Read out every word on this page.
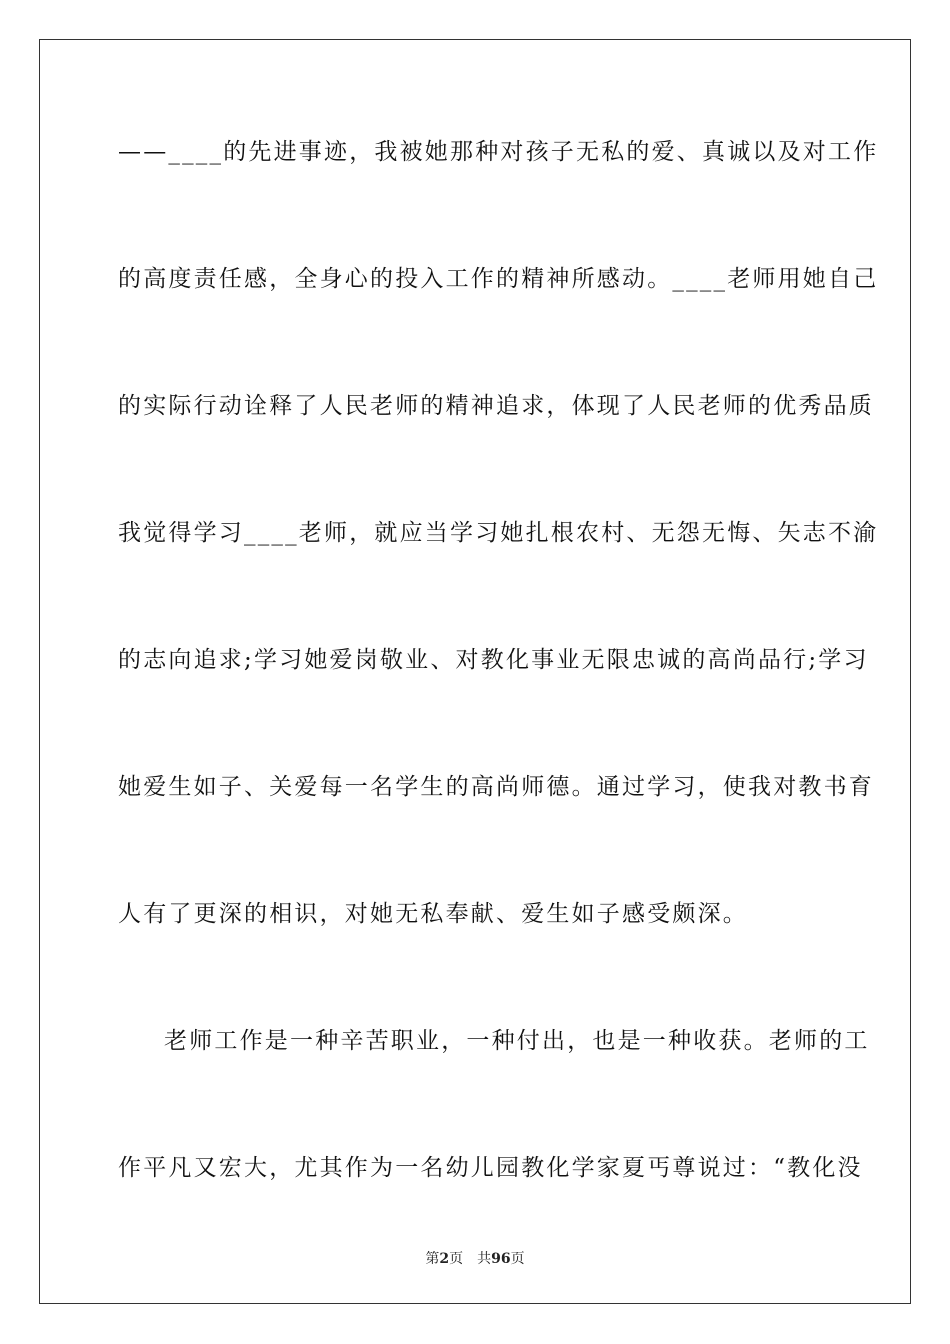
——____的先进事迹，我被她那种对孩子无私的爱、真诚以及对工作
的高度责任感，全身心的投入工作的精神所感动。____老师用她自己
的实际行动诠释了人民老师的精神追求，体现了人民老师的优秀品质
我觉得学习____老师，就应当学习她扎根农村、无怨无悔、矢志不渝
的志向追求;学习她爱岗敬业、对教化事业无限忠诚的高尚品行;学习
她爱生如子、关爱每一名学生的高尚师德。通过学习，使我对教书育
人有了更深的相识，对她无私奉献、爱生如子感受颇深。
老师工作是一种辛苦职业，一种付出，也是一种收获。老师的工
作平凡又宏大，尤其作为一名幼儿园教化学家夏丐尊说过：“教化没
第2页 共96页
